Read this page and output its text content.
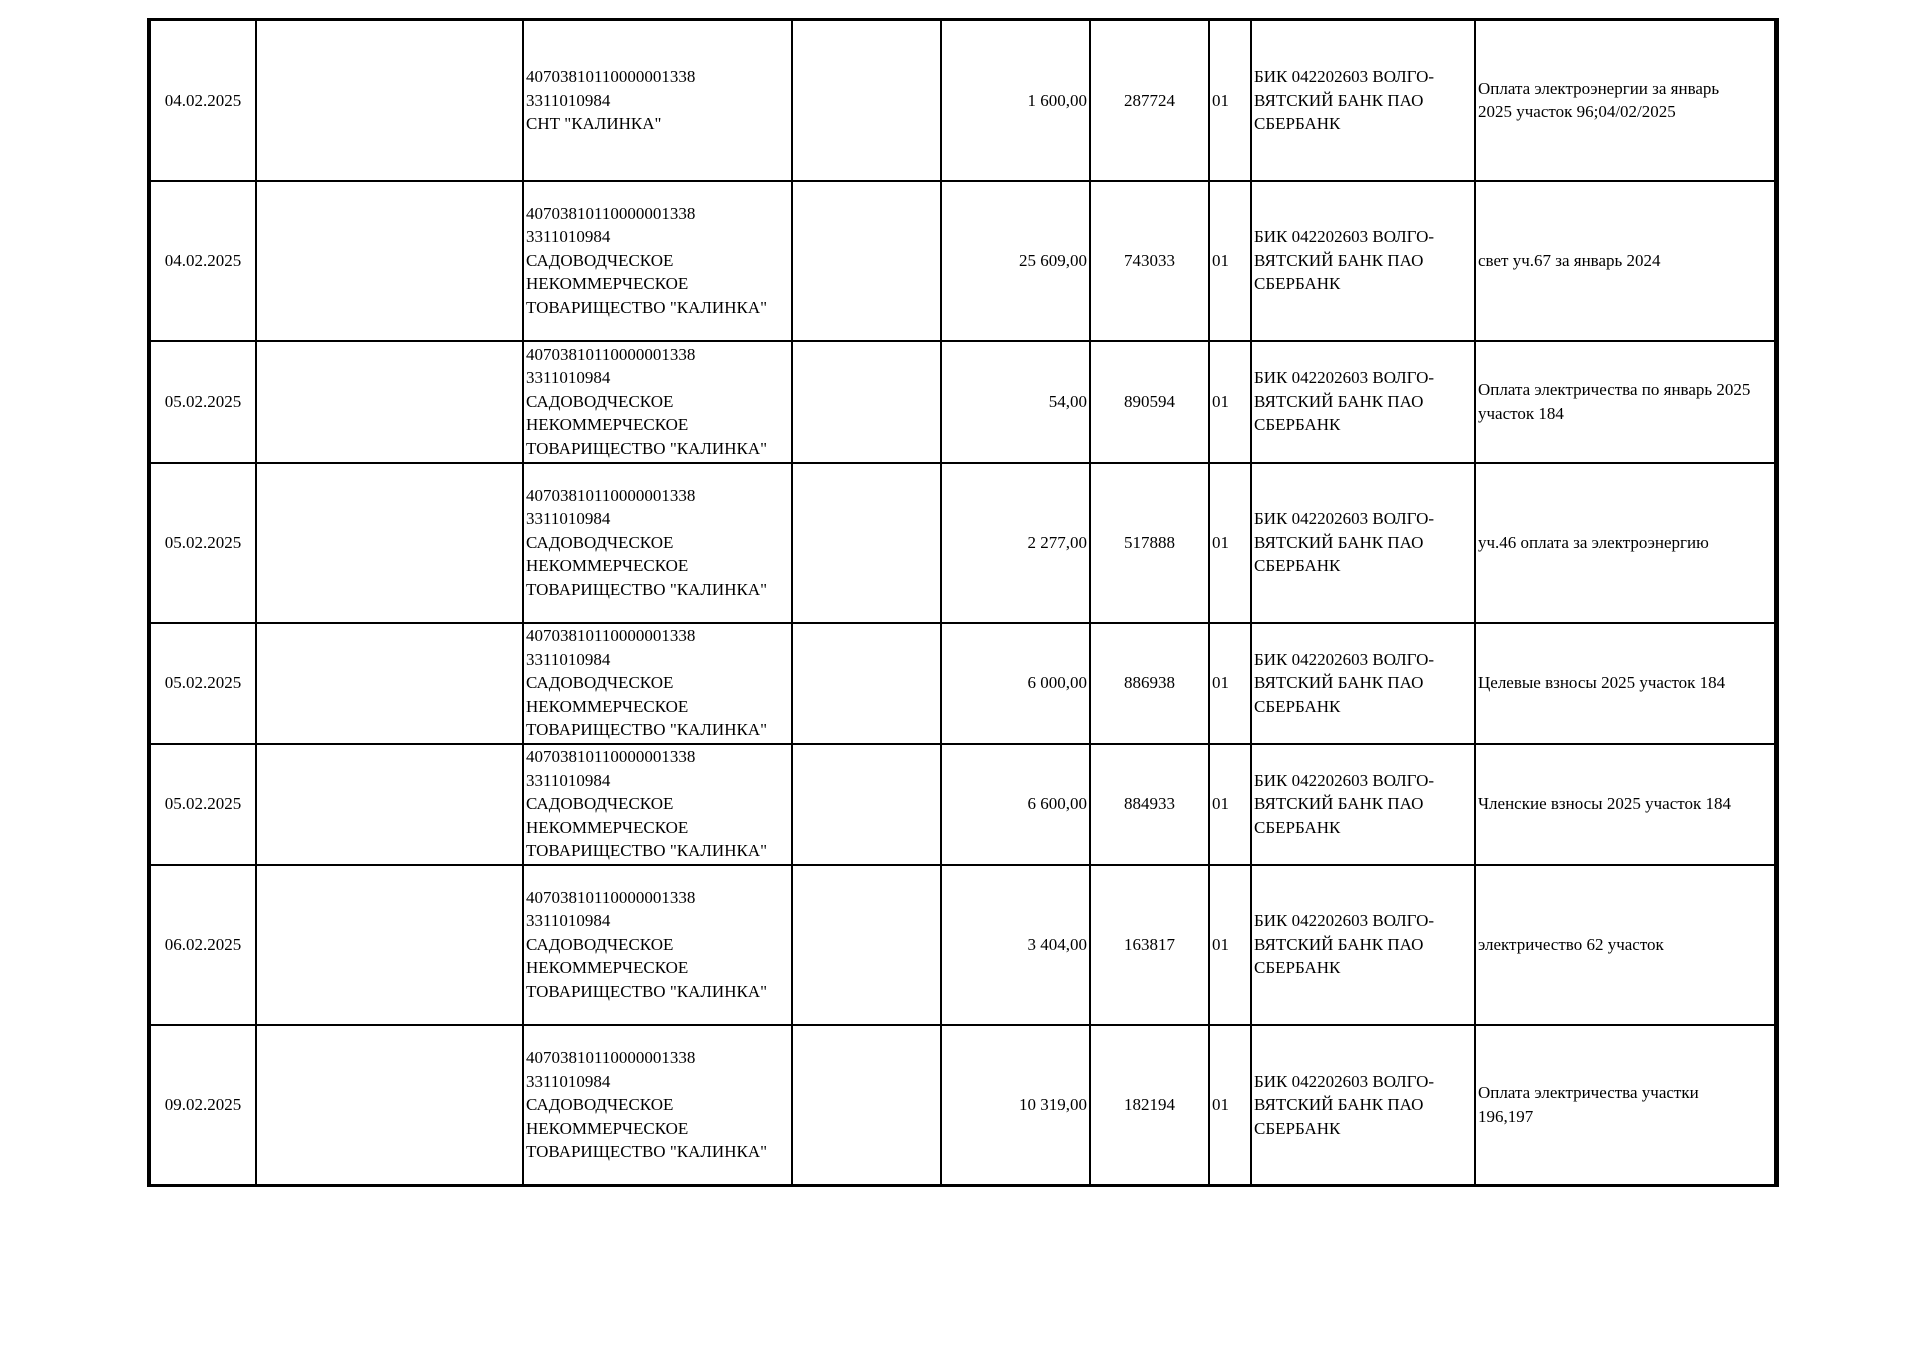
04.02.2025		40703810110000001338
3311010984
СНТ "КАЛИНКА"		1 600,00	287724	01	БИК 042202603 ВОЛГО-
ВЯТСКИЙ БАНК ПАО
СБЕРБАНК	Оплата электроэнергии за январь
2025 участок 96;04/02/2025

04.02.2025		40703810110000001338
3311010984
САДОВОДЧЕСКОЕ
НЕКОММЕРЧЕСКОЕ
ТОВАРИЩЕСТВО "КАЛИНКА"		25 609,00	743033	01	БИК 042202603 ВОЛГО-
ВЯТСКИЙ БАНК ПАО
СБЕРБАНК	свет уч.67 за январь 2024

05.02.2025		40703810110000001338
3311010984
САДОВОДЧЕСКОЕ
НЕКОММЕРЧЕСКОЕ
ТОВАРИЩЕСТВО "КАЛИНКА"		54,00	890594	01	БИК 042202603 ВОЛГО-
ВЯТСКИЙ БАНК ПАО
СБЕРБАНК	Оплата электричества по январь 2025
участок 184

05.02.2025		40703810110000001338
3311010984
САДОВОДЧЕСКОЕ
НЕКОММЕРЧЕСКОЕ
ТОВАРИЩЕСТВО "КАЛИНКА"		2 277,00	517888	01	БИК 042202603 ВОЛГО-
ВЯТСКИЙ БАНК ПАО
СБЕРБАНК	уч.46 оплата за электроэнергию

05.02.2025		40703810110000001338
3311010984
САДОВОДЧЕСКОЕ
НЕКОММЕРЧЕСКОЕ
ТОВАРИЩЕСТВО "КАЛИНКА"		6 000,00	886938	01	БИК 042202603 ВОЛГО-
ВЯТСКИЙ БАНК ПАО
СБЕРБАНК	Целевые взносы 2025 участок 184

05.02.2025		40703810110000001338
3311010984
САДОВОДЧЕСКОЕ
НЕКОММЕРЧЕСКОЕ
ТОВАРИЩЕСТВО "КАЛИНКА"		6 600,00	884933	01	БИК 042202603 ВОЛГО-
ВЯТСКИЙ БАНК ПАО
СБЕРБАНК	Членские взносы 2025 участок 184

06.02.2025		40703810110000001338
3311010984
САДОВОДЧЕСКОЕ
НЕКОММЕРЧЕСКОЕ
ТОВАРИЩЕСТВО "КАЛИНКА"		3 404,00	163817	01	БИК 042202603 ВОЛГО-
ВЯТСКИЙ БАНК ПАО
СБЕРБАНК	электричество 62 участок

09.02.2025		40703810110000001338
3311010984
САДОВОДЧЕСКОЕ
НЕКОММЕРЧЕСКОЕ
ТОВАРИЩЕСТВО "КАЛИНКА"		10 319,00	182194	01	БИК 042202603 ВОЛГО-
ВЯТСКИЙ БАНК ПАО
СБЕРБАНК	Оплата электричества участки
196,197
